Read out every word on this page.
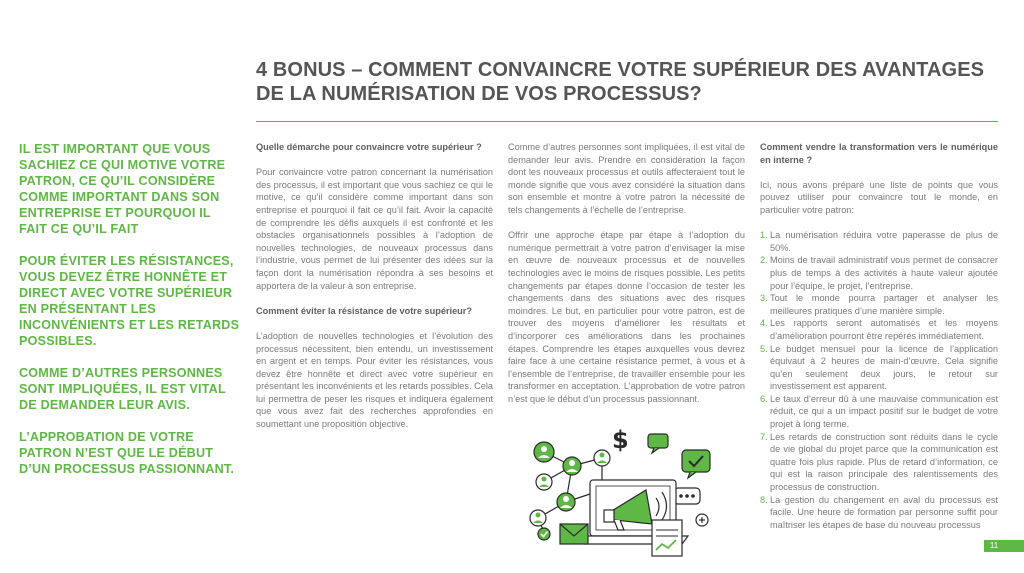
4 BONUS – COMMENT CONVAINCRE VOTRE SUPÉRIEUR DES AVANTAGES DE LA NUMÉRISATION DE VOS PROCESSUS?

IL EST IMPORTANT QUE VOUS SACHIEZ CE QUI MOTIVE VOTRE PATRON, CE QU’IL CONSIDÈRE COMME IMPORTANT DANS SON ENTREPRISE ET POURQUOI IL FAIT CE QU’IL FAIT

POUR ÉVITER LES RÉSISTANCES, VOUS DEVEZ ÊTRE HONNÊTE ET DIRECT AVEC VOTRE SUPÉRIEUR EN PRÉSENTANT LES INCONVÉNIENTS ET LES RETARDS POSSIBLES.

COMME D’AUTRES PERSONNES SONT IMPLIQUÉES, IL EST VITAL DE DEMANDER LEUR AVIS.

L’APPROBATION DE VOTRE PATRON N’EST QUE LE DÉBUT D’UN PROCESSUS PASSIONNANT.

Quelle démarche pour convaincre votre supérieur ?

Pour convaincre votre patron concernant la numérisation des processus, il est important que vous sachiez ce qui le motive, ce qu’il considère comme important dans son entreprise et pourquoi il fait ce qu’il fait. Avoir la capacité de comprendre les défis auxquels il est confronté et les obstacles organisationnels possibles à l’adoption de nouvelles technologies, de nouveaux processus dans l’industrie, vous permet de lui présenter des idées sur la façon dont la numérisation répondra à ses besoins et apportera de la valeur à son entreprise.

Comment éviter la résistance de votre supérieur?

L’adoption de nouvelles technologies et l’évolution des processus nécessitent, bien entendu, un investissement en argent et en temps. Pour éviter les résistances, vous devez être honnête et direct avec votre supérieur en présentant les inconvénients et les retards possibles. Cela lui permettra de peser les risques et indiquera également que vous avez fait des recherches approfondies en soumettant une proposition objective.

Comme d’autres personnes sont impliquées, il est vital de demander leur avis. Prendre en considération la façon dont les nouveaux processus et outils affecteraient tout le monde signifie que vous avez considéré la situation dans son ensemble et montre à votre patron la nécessité de tels changements à l’échelle de l’entreprise.

Offrir une approche étape par étape à l’adoption du numérique permettrait à votre patron d’envisager la mise en œuvre de nouveaux processus et de nouvelles technologies avec le moins de risques possible. Les petits changements par étapes donne l’occasion de tester les changements dans des situations avec des risques moindres. Le but, en particulier pour votre patron, est de trouver des moyens d’améliorer les résultats et d’incorporer ces améliorations dans les prochaines étapes. Comprendre les étapes auxquelles vous devrez faire face à une certaine résistance permet, à vous et à l’ensemble de l’entreprise, de travailler ensemble pour les transformer en acceptation. L’approbation de votre patron n’est que le début d’un processus passionnant.

Comment vendre la transformation vers le numérique en interne ?

Ici, nous avons préparé une liste de points que vous pouvez utiliser pour convaincre tout le monde, en particulier votre patron:

1. La numérisation réduira votre paperasse de plus de 50%.
2. Moins de travail administratif vous permet de consacrer plus de temps à des activités à haute valeur ajoutée pour l’équipe, le projet, l’entreprise.
3. Tout le monde pourra partager et analyser les meilleures pratiques d’une manière simple.
4. Les rapports seront automatisés et les moyens d’amélioration pourront être repérés immédiatement.
5. Le budget mensuel pour la licence de l’application équivaut à 2 heures de main-d’œuvre. Cela signifie qu’en seulement deux jours, le retour sur investissement est apparent.
6. Le taux d’erreur dû à une mauvaise communication est réduit, ce qui a un impact positif sur le budget de votre projet à long terme.
7. Les retards de construction sont réduits dans le cycle de vie global du projet parce que la communication est quatre fois plus rapide. Plus de retard d’information, ce qui est la raison principale des ralentissements des processus de construction.
8. La gestion du changement en aval du processus est facile. Une heure de formation par personne suffit pour maîtriser les étapes de base du nouveau processus
$
11
